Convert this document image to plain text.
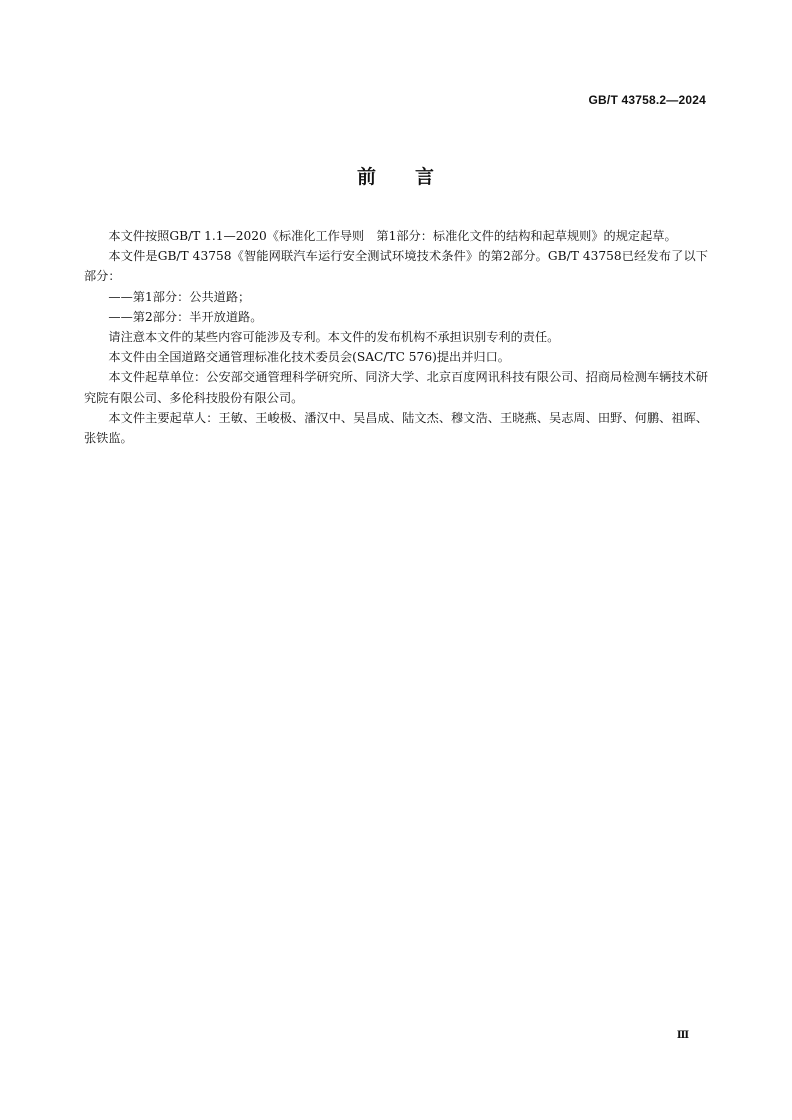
GB/T 43758.2—2024
前 言

本文件按照GB/T 1.1—2020《标准化工作导则 第1部分：标准化文件的结构和起草规则》的规定起草。

本文件是GB/T 43758《智能网联汽车运行安全测试环境技术条件》的第2部分。GB/T 43758已经发布了以下部分：

——第1部分：公共道路；

——第2部分：半开放道路。

请注意本文件的某些内容可能涉及专利。本文件的发布机构不承担识别专利的责任。

本文件由全国道路交通管理标准化技术委员会(SAC/TC 576)提出并归口。

本文件起草单位：公安部交通管理科学研究所、同济大学、北京百度网讯科技有限公司、招商局检测车辆技术研究院有限公司、多伦科技股份有限公司。

本文件主要起草人：王敏、王峻极、潘汉中、吴昌成、陆文杰、穆文浩、王晓燕、吴志周、田野、何鹏、祖晖、张铁监。

Ⅲ
